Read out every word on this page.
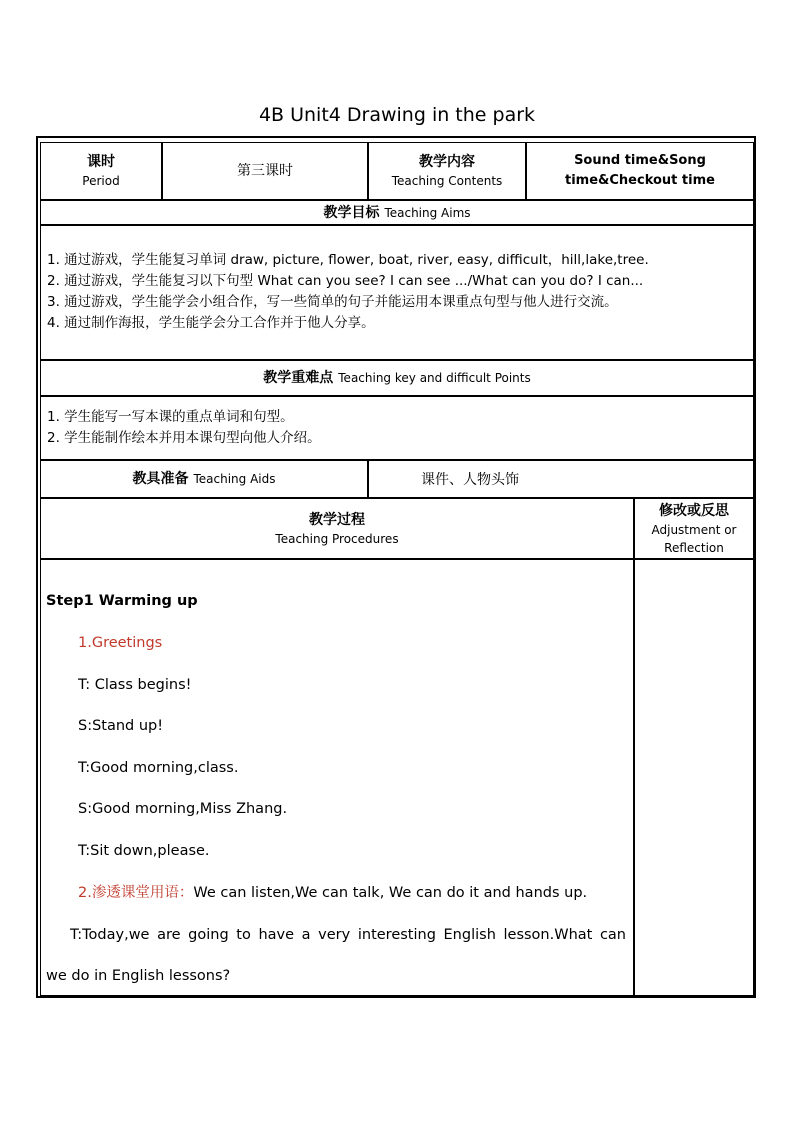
4B Unit4 Drawing in the park
课时
Period
第三课时
教学内容
Teaching Contents
Sound time&Song
time&Checkout time
教学目标 Teaching Aims
1. 通过游戏，学生能复习单词 draw, picture, flower, boat, river, easy, difficult，hill,lake,tree.
2. 通过游戏，学生能复习以下句型 What can you see? I can see .../What can you do? I can...
3. 通过游戏，学生能学会小组合作，写一些简单的句子并能运用本课重点句型与他人进行交流。
4. 通过制作海报，学生能学会分工合作并于他人分享。
教学重难点 Teaching key and difficult Points
1. 学生能写一写本课的重点单词和句型。
2. 学生能制作绘本并用本课句型向他人介绍。
教具准备 Teaching Aids	课件、人物头饰
教学过程
Teaching Procedures
修改或反思
Adjustment or
Reflection
Step1 Warming up
1.Greetings
T: Class begins!
S:Stand up!
T:Good morning,class.
S:Good morning,Miss Zhang.
T:Sit down,please.
2.渗透课堂用语：We can listen,We can talk, We can do it and hands up.
T:Today,we are going to have a very interesting English lesson.What can
we do in English lessons?
